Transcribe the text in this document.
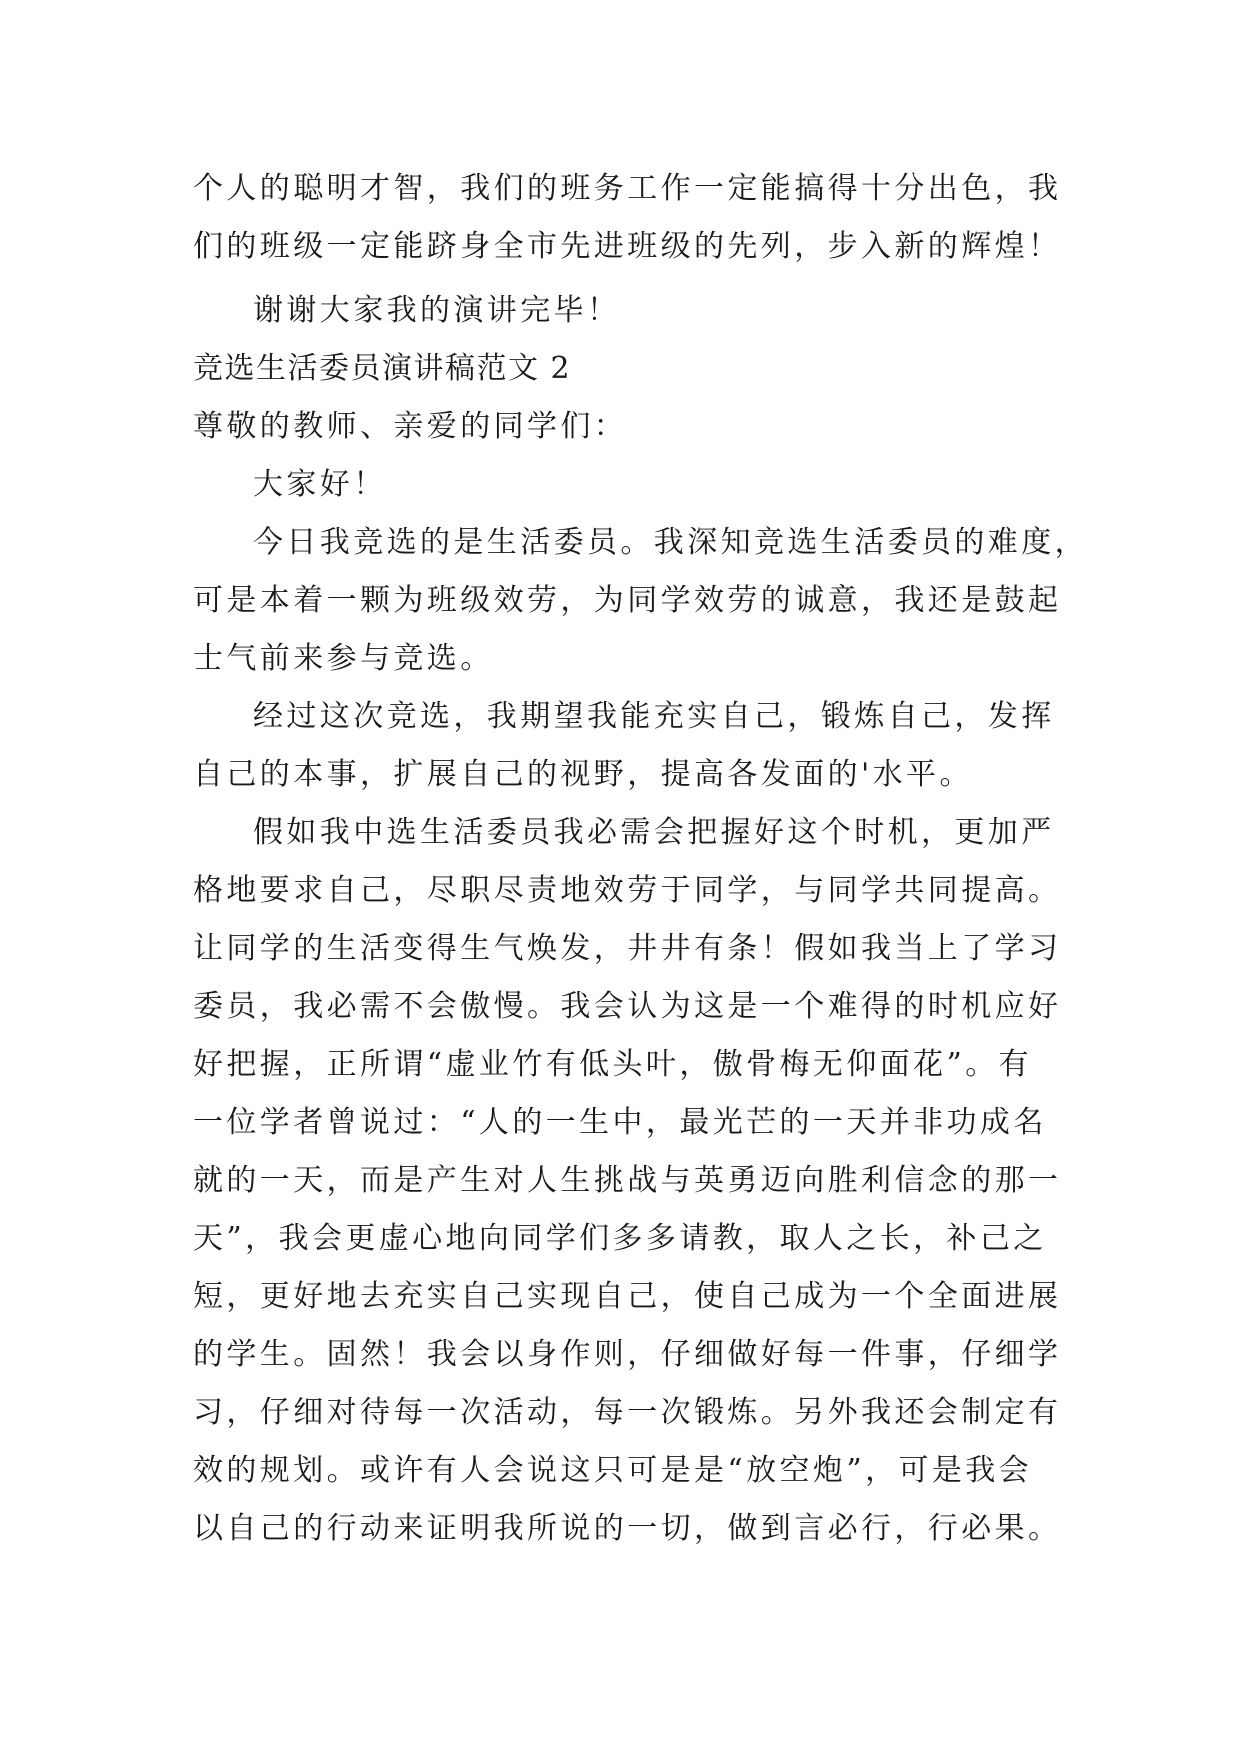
个人的聪明才智，我们的班务工作一定能搞得十分出色，我
们的班级一定能跻身全市先进班级的先列，步入新的辉煌！
谢谢大家我的演讲完毕！
竞选生活委员演讲稿范文 2
尊敬的教师、亲爱的同学们：
大家好！
今日我竞选的是生活委员。我深知竞选生活委员的难度，
可是本着一颗为班级效劳，为同学效劳的诚意，我还是鼓起
士气前来参与竞选。
经过这次竞选，我期望我能充实自己，锻炼自己，发挥
自己的本事，扩展自己的视野，提高各发面的'水平。
假如我中选生活委员我必需会把握好这个时机，更加严
格地要求自己，尽职尽责地效劳于同学，与同学共同提高。
让同学的生活变得生气焕发，井井有条！假如我当上了学习
委员，我必需不会傲慢。我会认为这是一个难得的时机应好
好把握，正所谓“虚业竹有低头叶，傲骨梅无仰面花”。有
一位学者曾说过：“人的一生中，最光芒的一天并非功成名
就的一天，而是产生对人生挑战与英勇迈向胜利信念的那一
天”，我会更虚心地向同学们多多请教，取人之长，补己之
短，更好地去充实自己实现自己，使自己成为一个全面进展
的学生。固然！我会以身作则，仔细做好每一件事，仔细学
习，仔细对待每一次活动，每一次锻炼。另外我还会制定有
效的规划。或许有人会说这只可是是“放空炮”，可是我会
以自己的行动来证明我所说的一切，做到言必行，行必果。
